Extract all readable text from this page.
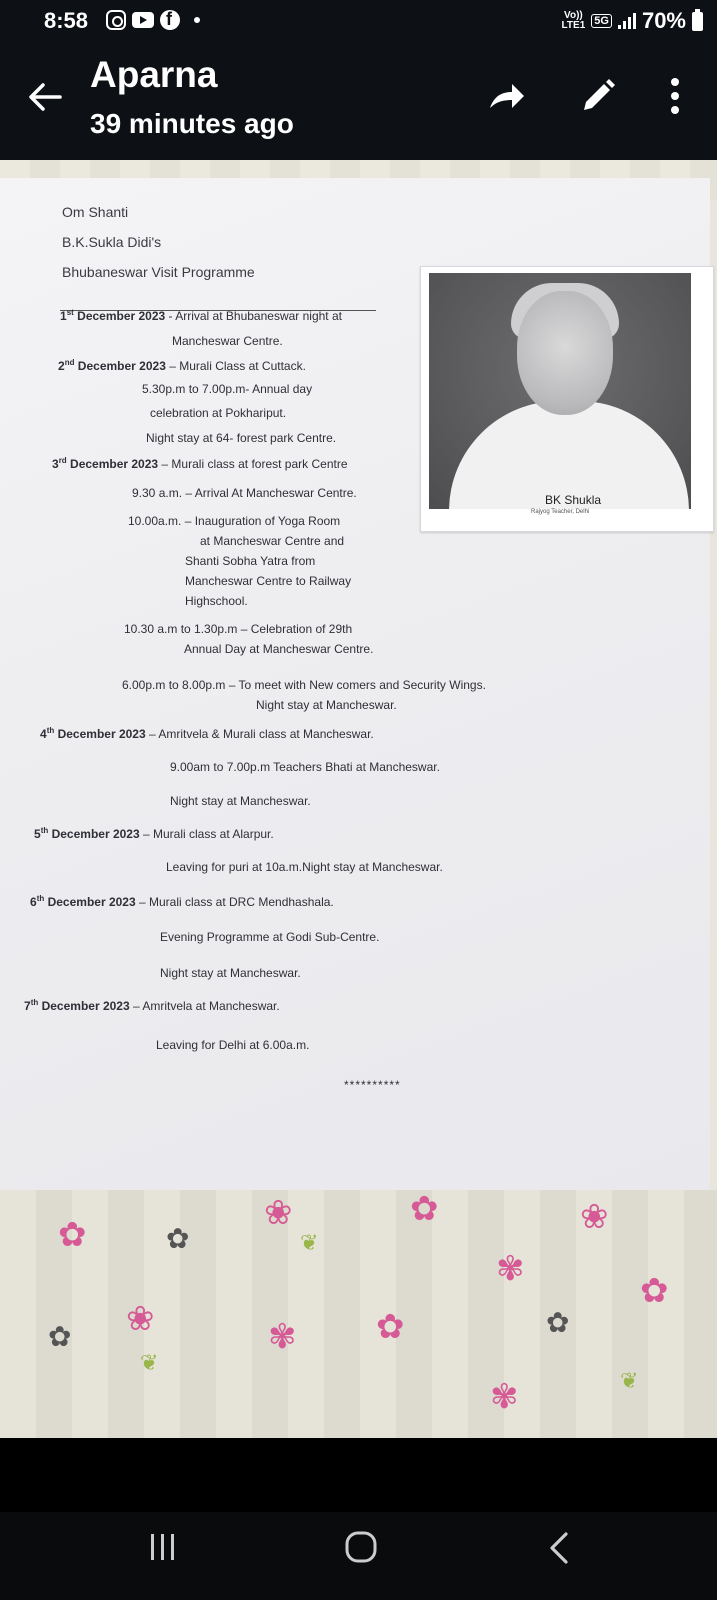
8:58
f	Vo))
LTE1 5G 70%
Aparna
39 minutes ago
Om Shanti
B.K.Sukla Didi's
Bhubaneswar Visit Programme
BK Shukla
Rajyog Teacher, Delhi
1st December 2023 - Arrival at Bhubaneswar night at
Mancheswar Centre.
2nd December 2023 – Murali Class at Cuttack.
5.30p.m to 7.00p.m- Annual day
celebration at Pokhariput.
Night stay at 64- forest park Centre.
3rd December 2023 – Murali class at forest park Centre
9.30 a.m. – Arrival At Mancheswar Centre.
10.00a.m. – Inauguration of Yoga Room
at Mancheswar Centre and
Shanti Sobha Yatra from
Mancheswar Centre to Railway
Highschool.
10.30 a.m to 1.30p.m – Celebration of 29th
Annual Day at Mancheswar Centre.
6.00p.m to 8.00p.m – To meet with New comers and Security Wings.
Night stay at Mancheswar.
4th December 2023 – Amritvela & Murali class at Mancheswar.
9.00am to 7.00p.m Teachers Bhati at Mancheswar.
Night stay at Mancheswar.
5th December 2023 – Murali class at Alarpur.
Leaving for puri at 10a.m.Night stay at Mancheswar.
6th December 2023 – Murali class at DRC Mendhashala.
Evening Programme at Godi Sub-Centre.
Night stay at Mancheswar.
7th December 2023 – Amritvela at Mancheswar.
Leaving for Delhi at 6.00a.m.
**********
✿	✿
❀
❦
✿
✾
❀
✿
✿ ❀
❦
✾ ✿	✿
✾	❦
